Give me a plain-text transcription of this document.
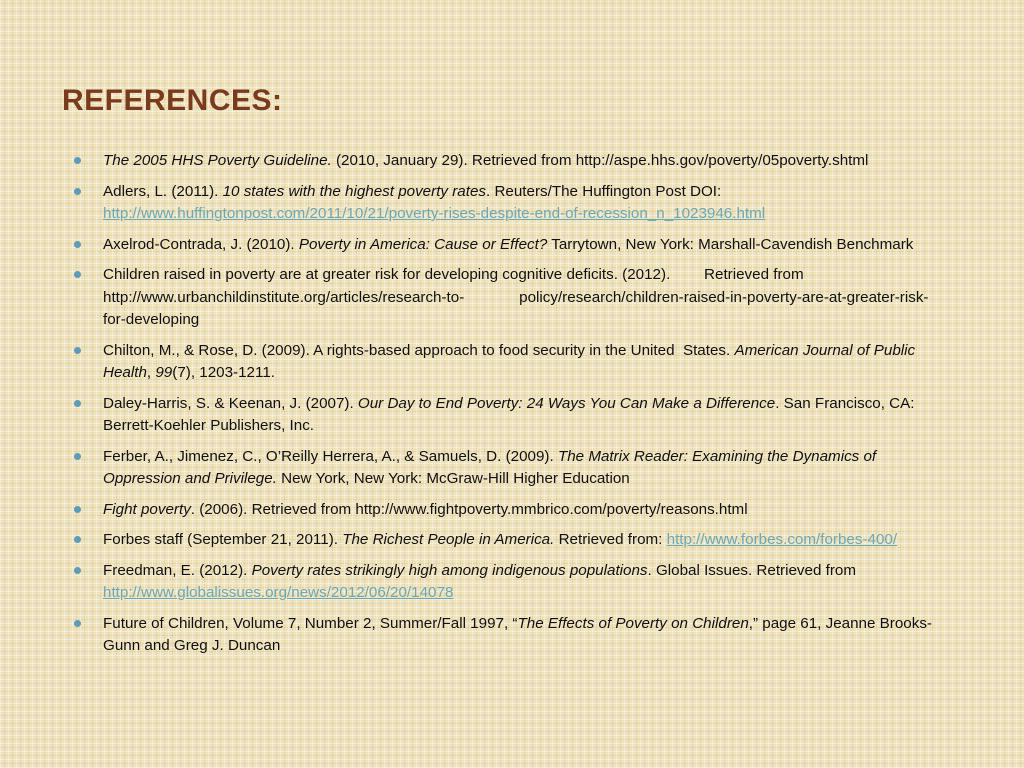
REFERENCES:
The 2005 HHS Poverty Guideline. (2010, January 29). Retrieved from http://aspe.hhs.gov/poverty/05poverty.shtml
Adlers, L. (2011). 10 states with the highest poverty rates. Reuters/The Huffington Post DOI: http://www.huffingtonpost.com/2011/10/21/poverty-rises-despite-end-of-recession_n_1023946.html
Axelrod-Contrada, J. (2010). Poverty in America: Cause or Effect? Tarrytown, New York: Marshall-Cavendish Benchmark
Children raised in poverty are at greater risk for developing cognitive deficits. (2012).        Retrieved from http://www.urbanchildinstitute.org/articles/research-to-             policy/research/children-raised-in-poverty-are-at-greater-risk-for-developing
Chilton, M., & Rose, D. (2009). A rights-based approach to food security in the United  States. American Journal of Public Health, 99(7), 1203-1211.
Daley-Harris, S. & Keenan, J. (2007). Our Day to End Poverty: 24 Ways You Can Make a Difference. San Francisco, CA: Berrett-Koehler Publishers, Inc.
Ferber, A., Jimenez, C., O’Reilly Herrera, A., & Samuels, D. (2009). The Matrix Reader: Examining the Dynamics of Oppression and Privilege. New York, New York: McGraw-Hill Higher Education
Fight poverty. (2006). Retrieved from http://www.fightpoverty.mmbrico.com/poverty/reasons.html
Forbes staff (September 21, 2011). The Richest People in America. Retrieved from: http://www.forbes.com/forbes-400/
Freedman, E. (2012). Poverty rates strikingly high among indigenous populations. Global Issues. Retrieved from http://www.globalissues.org/news/2012/06/20/14078
Future of Children, Volume 7, Number 2, Summer/Fall 1997, “The Effects of Poverty on Children,” page 61, Jeanne Brooks-Gunn and Greg J. Duncan
